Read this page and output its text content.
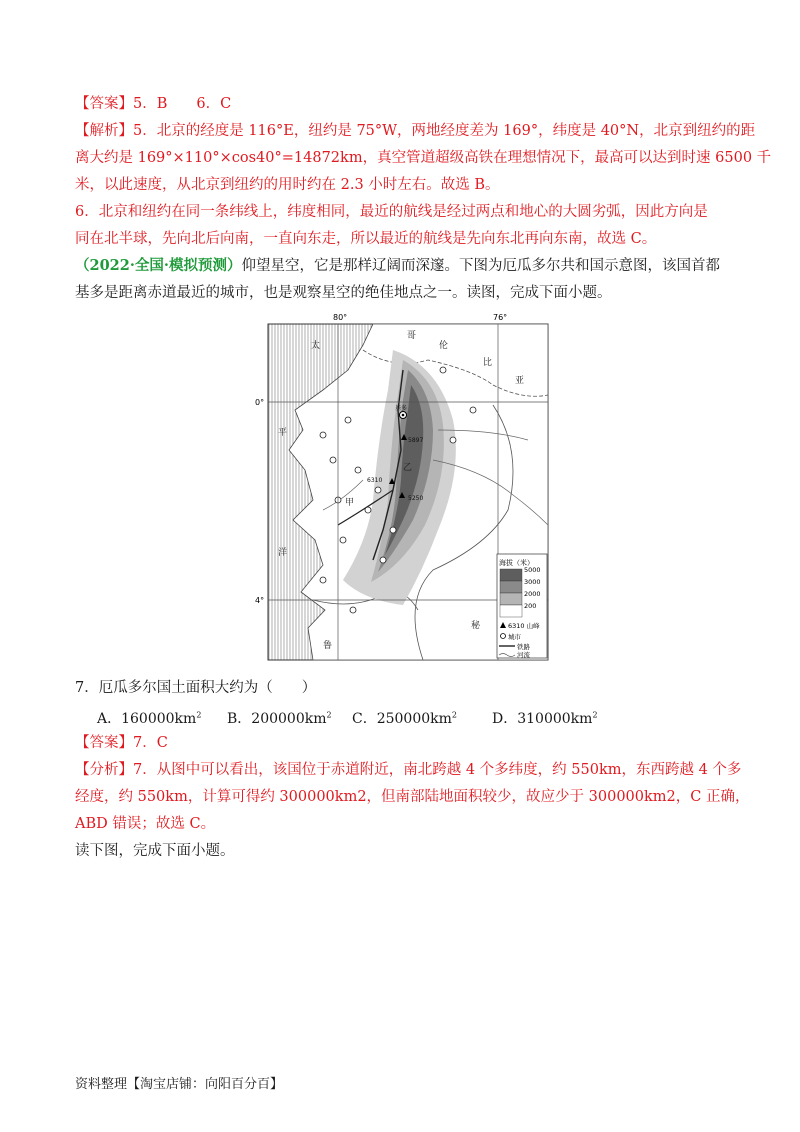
【答案】5．B　　6．C
【解析】5．北京的经度是 116°E，纽约是 75°W，两地经度差为 169°，纬度是 40°N，北京到纽约的距
离大约是 169°×110°×cos40°=14872km，真空管道超级高铁在理想情况下，最高可以达到时速 6500 千
米，以此速度，从北京到纽约的用时约在 2.3 小时左右。故选 B。
6．北京和纽约在同一条纬线上，纬度相同，最近的航线是经过两点和地心的大圆劣弧，因此方向是
同在北半球，先向北后向南，一直向东走，所以最近的航线是先向东北再向东南，故选 C。
（2022·全国·模拟预测）仰望星空，它是那样辽阔而深邃。下图为厄瓜多尔共和国示意图，该国首都
基多是距离赤道最近的城市，也是观察星空的绝佳地点之一。读图，完成下面小题。
80°	76°
0°
4°
哥
伦
比
亚
秘
鲁
太
平
洋
甲
乙
基多
5897
6310
5250
海拔（米）
5000
3000
2000
200
6310 山峰
城市
铁路
河流
7．厄瓜多尔国土面积大约为（　　）
A．$160000km^2$ B．$200000km^2$ C．$250000km^2$ D．$310000km^2$
【答案】7．C
【分析】7．从图中可以看出，该国位于赤道附近，南北跨越 4 个多纬度，约 550km，东西跨越 4 个多
经度，约 550km，计算可得约 300000km2，但南部陆地面积较少，故应少于 300000km2，C 正确，
ABD 错误；故选 C。
读下图，完成下面小题。
资料整理【淘宝店铺：向阳百分百】
